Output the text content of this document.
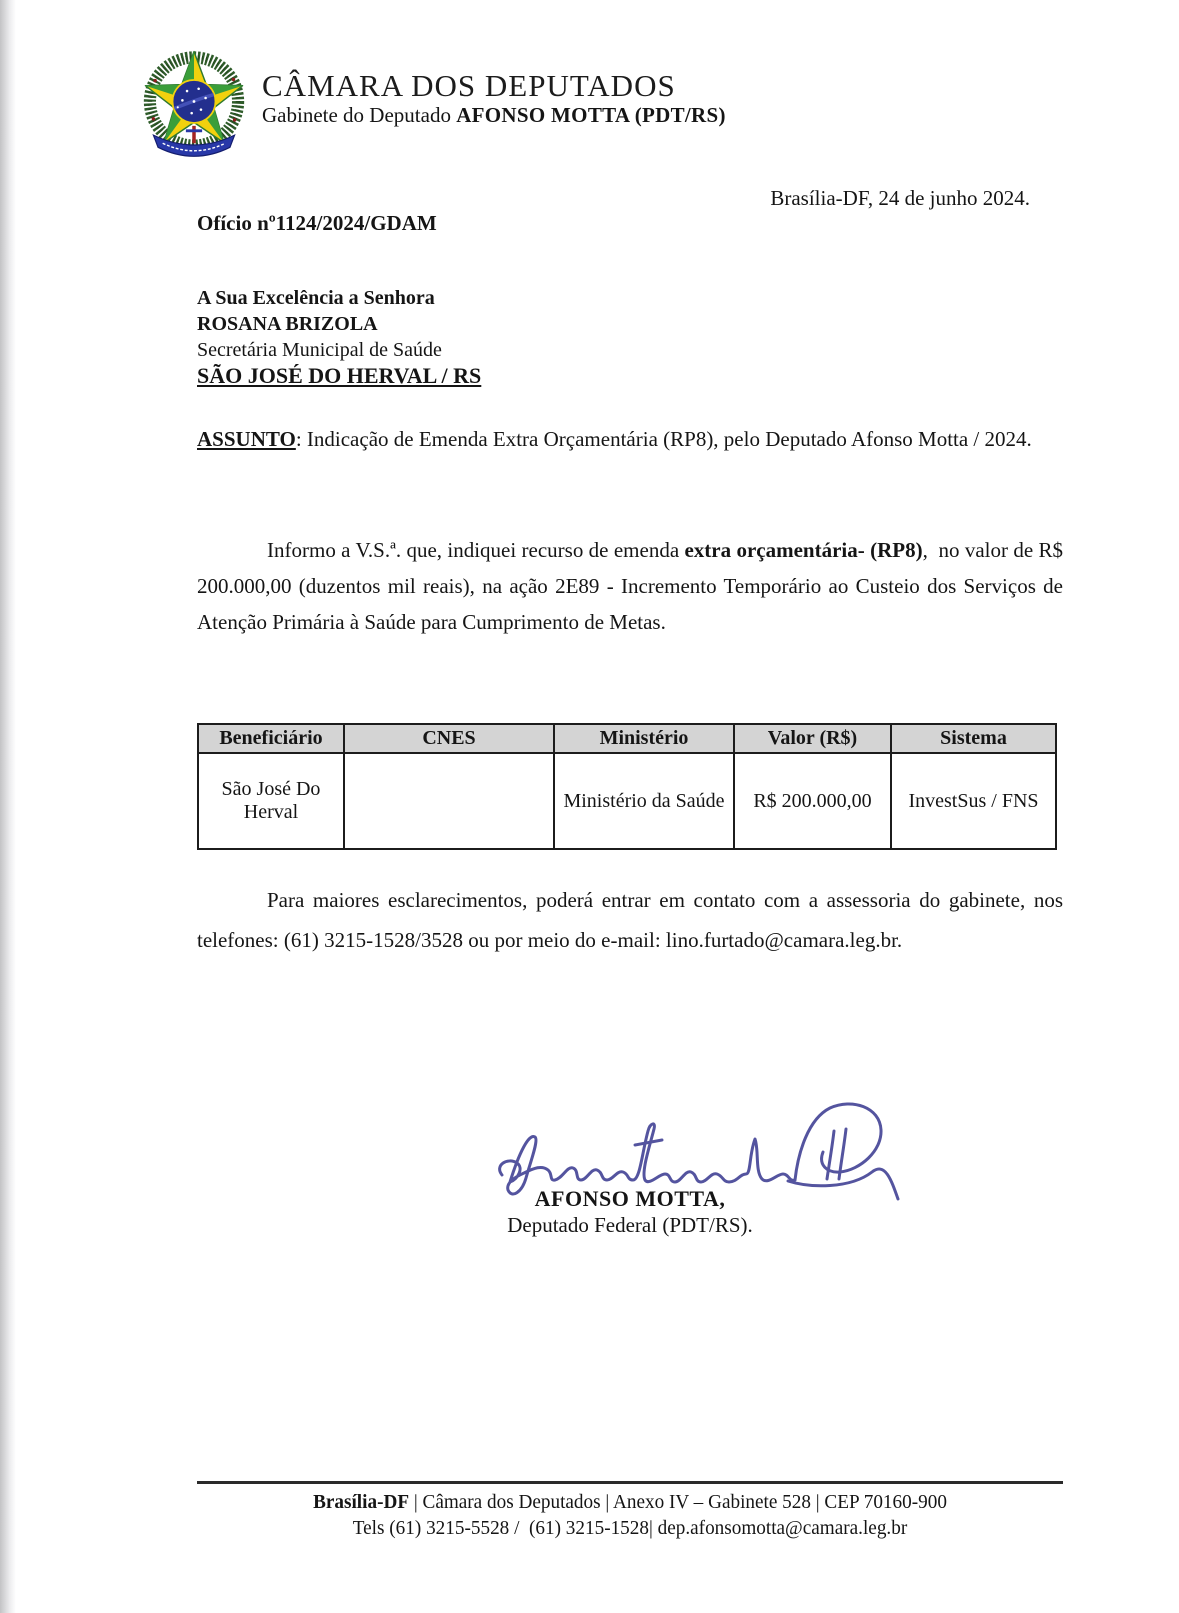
CÂMARA DOS DEPUTADOS
Gabinete do Deputado AFONSO MOTTA (PDT/RS)
Brasília-DF, 24 de junho 2024.
Ofício nº1124/2024/GDAM
A Sua Excelência a Senhora
ROSANA BRIZOLA
Secretária Municipal de Saúde
SÃO JOSÉ DO HERVAL / RS
ASSUNTO: Indicação de Emenda Extra Orçamentária (RP8), pelo Deputado Afonso Motta / 2024.

Informo a V.S.ª. que, indiquei recurso de emenda extra orçamentária- (RP8),  no valor de R$ 200.000,00 (duzentos mil reais), na ação 2E89 - Incremento Temporário ao Custeio dos Serviços de Atenção Primária à Saúde para Cumprimento de Metas.

Beneficiário	CNES	Ministério	Valor (R$)	Sistema
São José Do Herval		Ministério da Saúde	R$ 200.000,00	InvestSus / FNS

Para maiores esclarecimentos, poderá entrar em contato com a assessoria do gabinete, nos telefones: (61) 3215-1528/3528 ou por meio do e-mail: lino.furtado@camara.leg.br.

AFONSO MOTTA,
Deputado Federal (PDT/RS).
Brasília-DF | Câmara dos Deputados | Anexo IV – Gabinete 528 | CEP 70160-900
Tels (61) 3215-5528 /  (61) 3215-1528| dep.afonsomotta@camara.leg.br
